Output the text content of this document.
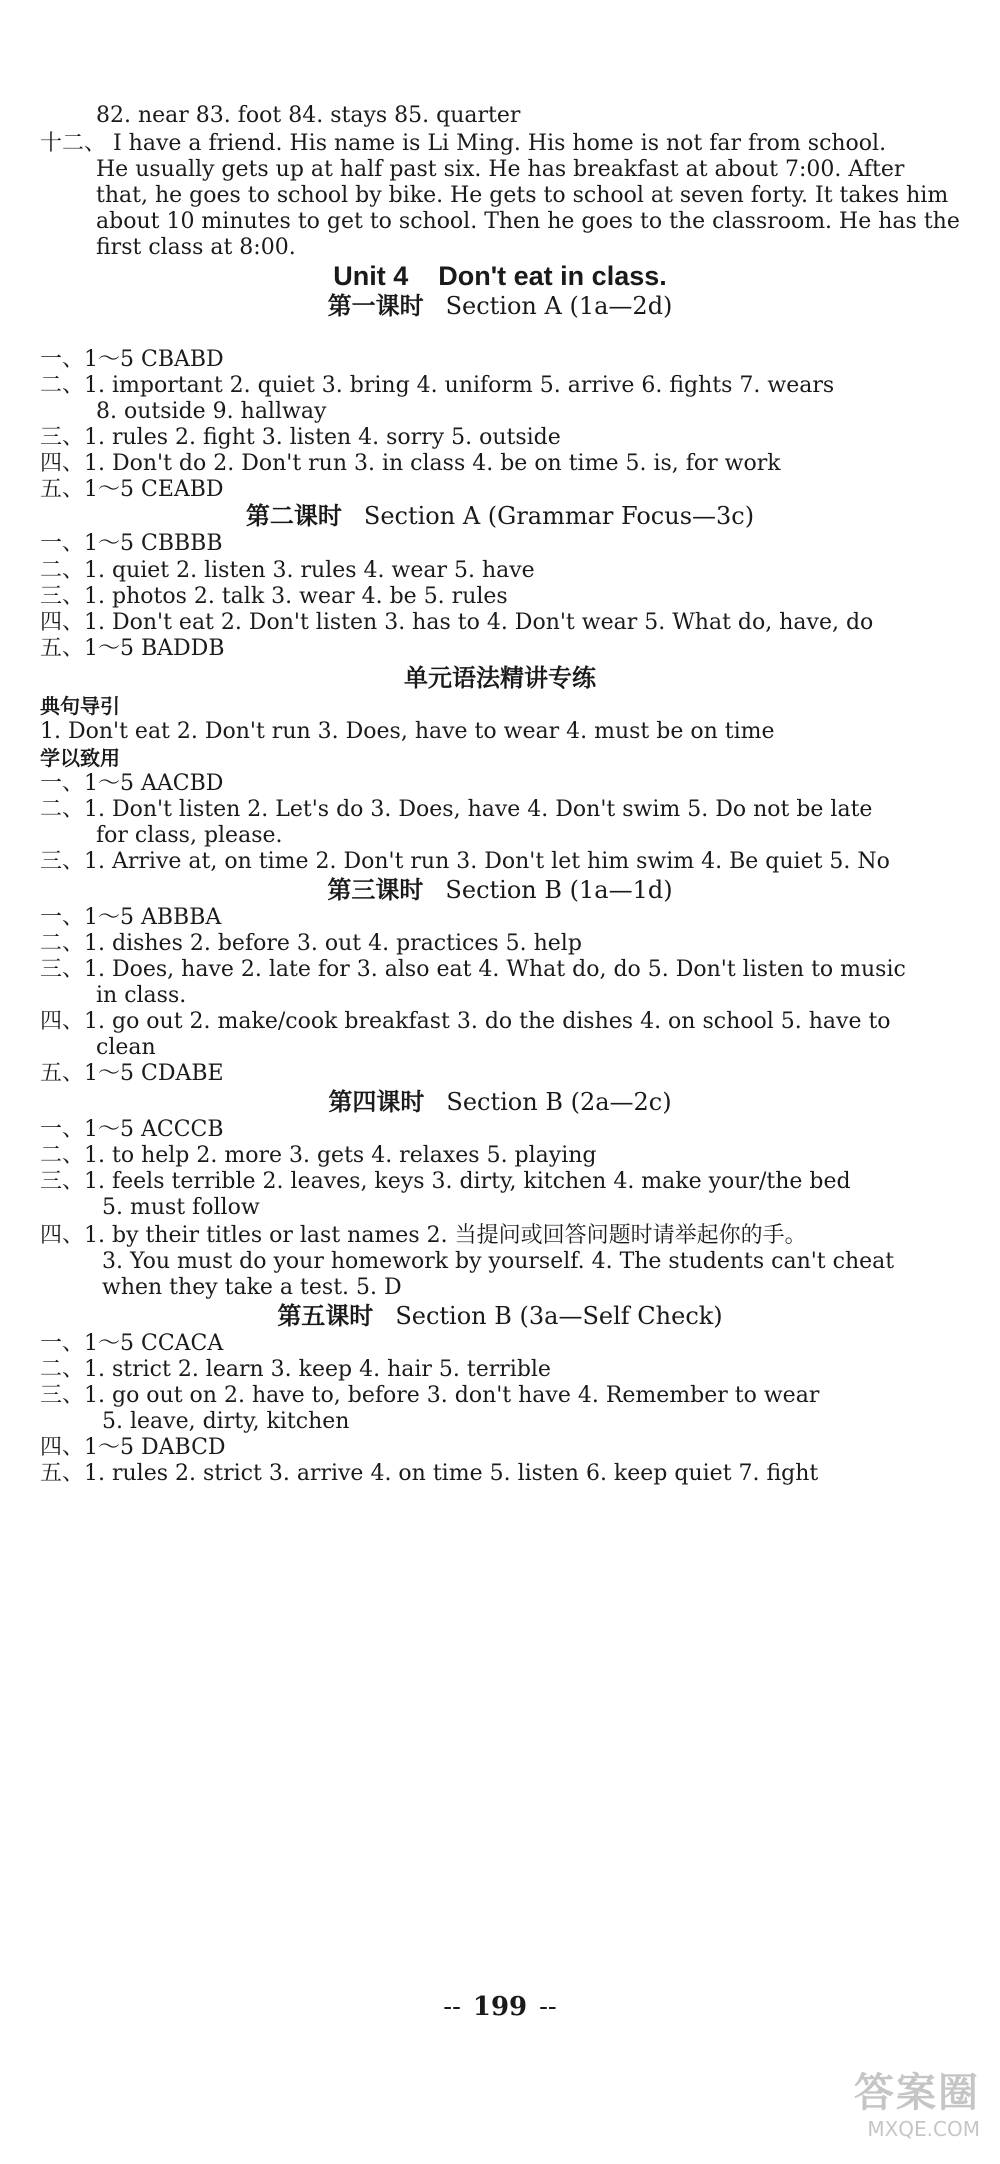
82. near 83. foot 84. stays 85. quarter
十二、 I have a friend. His name is Li Ming. His home is not far from school.
He usually gets up at half past six. He has breakfast at about 7:00. After
that, he goes to school by bike. He gets to school at seven forty. It takes him
about 10 minutes to get to school. Then he goes to the classroom. He has the
first class at 8:00.
Unit 4    Don't eat in class.
第一课时 Section A (1a—2d)
一、1～5 CBABD
二、1. important 2. quiet 3. bring 4. uniform 5. arrive 6. fights 7. wears
8. outside 9. hallway
三、1. rules 2. fight 3. listen 4. sorry 5. outside
四、1. Don't do 2. Don't run 3. in class 4. be on time 5. is, for work
五、1～5 CEABD
第二课时 Section A (Grammar Focus—3c)
一、1～5 CBBBB
二、1. quiet 2. listen 3. rules 4. wear 5. have
三、1. photos 2. talk 3. wear 4. be 5. rules
四、1. Don't eat 2. Don't listen 3. has to 4. Don't wear 5. What do, have, do
五、1～5 BADDB
单元语法精讲专练
典句导引
1. Don't eat 2. Don't run 3. Does, have to wear 4. must be on time
学以致用
一、1～5 AACBD
二、1. Don't listen 2. Let's do 3. Does, have 4. Don't swim 5. Do not be late
for class, please.
三、1. Arrive at, on time 2. Don't run 3. Don't let him swim 4. Be quiet 5. No
第三课时 Section B (1a—1d)
一、1～5 ABBBA
二、1. dishes 2. before 3. out 4. practices 5. help
三、1. Does, have 2. late for 3. also eat 4. What do, do 5. Don't listen to music
in class.
四、1. go out 2. make/cook breakfast 3. do the dishes 4. on school 5. have to
clean
五、1～5 CDABE
第四课时 Section B (2a—2c)
一、1～5 ACCCB
二、1. to help 2. more 3. gets 4. relaxes 5. playing
三、1. feels terrible 2. leaves, keys 3. dirty, kitchen 4. make your/the bed
5. must follow
四、1. by their titles or last names 2. 当提问或回答问题时请举起你的手。
3. You must do your homework by yourself. 4. The students can't cheat
when they take a test. 5. D
第五课时 Section B (3a—Self Check)
一、1～5 CCACA
二、1. strict 2. learn 3. keep 4. hair 5. terrible
三、1. go out on 2. have to, before 3. don't have 4. Remember to wear
5. leave, dirty, kitchen
四、1～5 DABCD
五、1. rules 2. strict 3. arrive 4. on time 5. listen 6. keep quiet 7. fight
-- 199 --
答案圈
MXQE.COM
